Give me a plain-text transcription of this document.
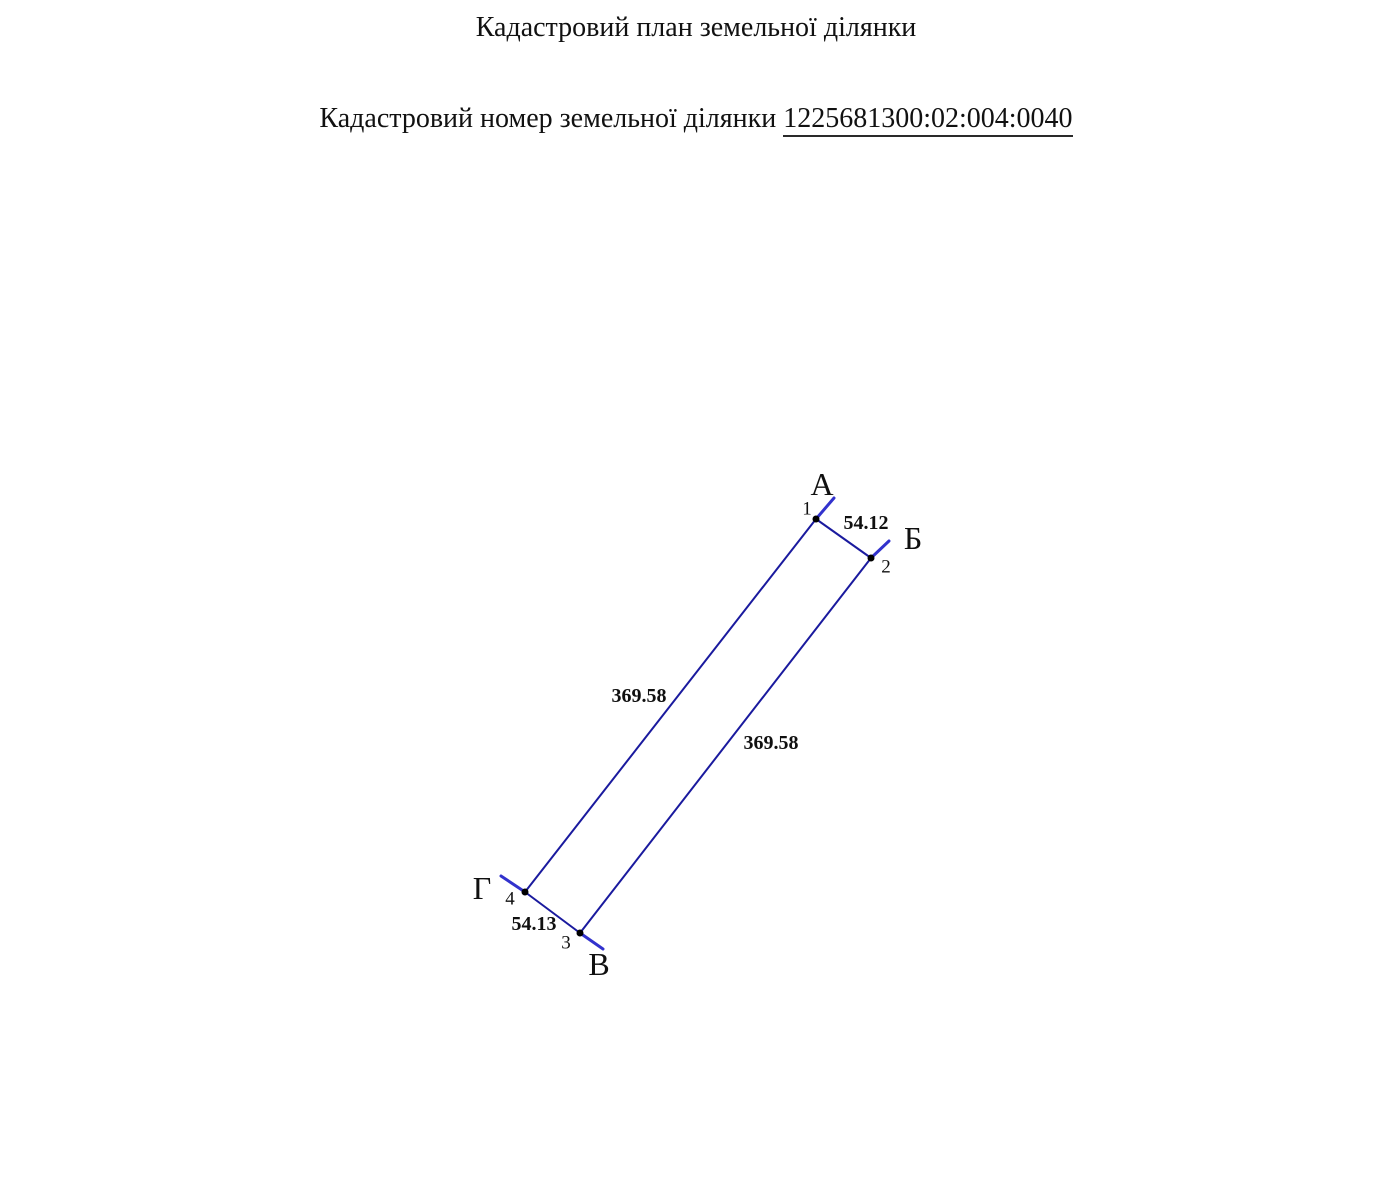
Кадастровий план земельної ділянки
Кадастровий номер земельної ділянки 1225681300:02:004:0040
А
Б
В
Г
1
2
3
4
54.12
369.58
369.58
54.13
